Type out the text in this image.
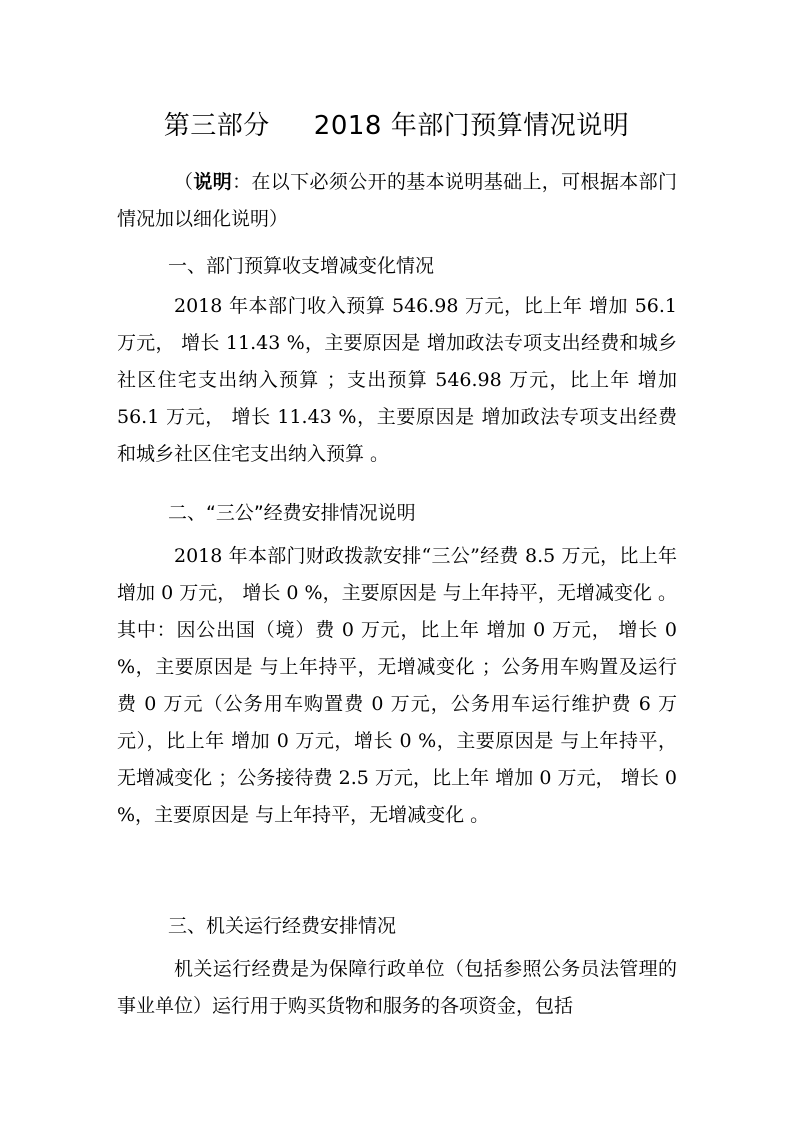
第三部分 2018 年部门预算情况说明

（说明：在以下必须公开的基本说明基础上，可根据本部门情况加以细化说明）

一、部门预算收支增减变化情况

2018 年本部门收入预算 546.98 万元，比上年 增加 56.1 万元， 增长 11.43 %，主要原因是 增加政法专项支出经费和城乡社区住宅支出纳入预算 ；支出预算 546.98 万元，比上年 增加 56.1 万元， 增长 11.43 %，主要原因是 增加政法专项支出经费和城乡社区住宅支出纳入预算 。

二、“三公”经费安排情况说明

2018 年本部门财政拨款安排“三公”经费 8.5 万元，比上年 增加 0 万元， 增长 0 %，主要原因是 与上年持平，无增减变化 。其中：因公出国（境）费 0 万元，比上年 增加 0 万元， 增长 0 %，主要原因是 与上年持平，无增减变化 ；公务用车购置及运行费 0 万元（公务用车购置费 0 万元，公务用车运行维护费 6 万元），比上年 增加 0 万元，增长 0 %，主要原因是 与上年持平，无增减变化 ；公务接待费 2.5 万元，比上年 增加 0 万元， 增长 0 %，主要原因是 与上年持平，无增减变化 。

三、机关运行经费安排情况

机关运行经费是为保障行政单位（包括参照公务员法管理的事业单位）运行用于购买货物和服务的各项资金，包括
